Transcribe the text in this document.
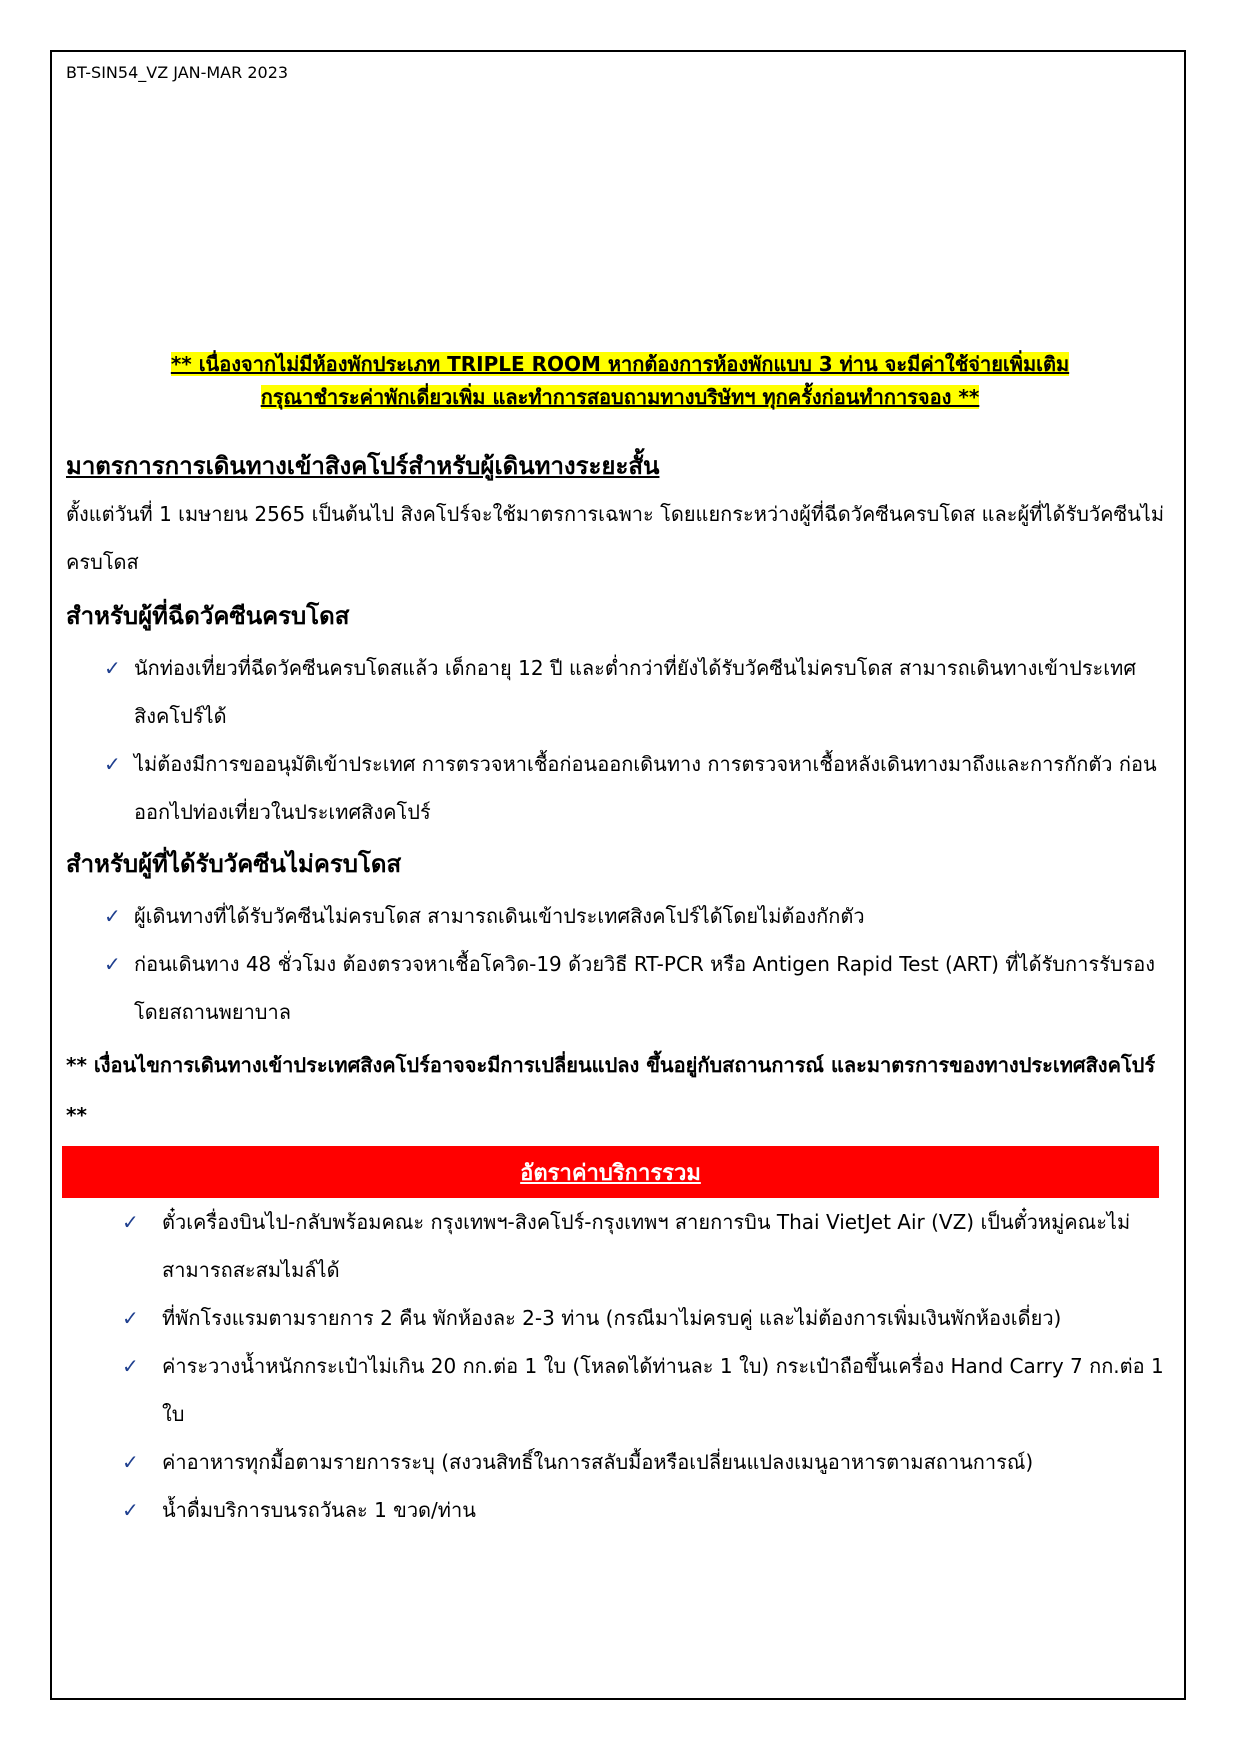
BT-SIN54_VZ JAN-MAR 2023
** เนื่องจากไม่มีห้องพักประเภท TRIPLE ROOM หากต้องการห้องพักแบบ 3 ท่าน จะมีค่าใช้จ่ายเพิ่มเติม
กรุณาชำระค่าพักเดี่ยวเพิ่ม และทำการสอบถามทางบริษัทฯ ทุกครั้งก่อนทำการจอง **
มาตรการการเดินทางเข้าสิงคโปร์สำหรับผู้เดินทางระยะสั้น
ตั้งแต่วันที่ 1 เมษายน 2565 เป็นต้นไป สิงคโปร์จะใช้มาตรการเฉพาะ โดยแยกระหว่างผู้ที่ฉีดวัคซีนครบโดส และผู้ที่ได้รับวัคซีนไม่ครบโดส
สำหรับผู้ที่ฉีดวัคซีนครบโดส
✓ นักท่องเที่ยวที่ฉีดวัคซีนครบโดสแล้ว เด็กอายุ 12 ปี และต่ำกว่าที่ยังได้รับวัคซีนไม่ครบโดส สามารถเดินทางเข้าประเทศสิงคโปร์ได้
✓ ไม่ต้องมีการขออนุมัติเข้าประเทศ การตรวจหาเชื้อก่อนออกเดินทาง การตรวจหาเชื้อหลังเดินทางมาถึงและการกักตัว ก่อนออกไปท่องเที่ยวในประเทศสิงคโปร์
สำหรับผู้ที่ได้รับวัคซีนไม่ครบโดส
✓ ผู้เดินทางที่ได้รับวัคซีนไม่ครบโดส สามารถเดินเข้าประเทศสิงคโปร์ได้โดยไม่ต้องกักตัว
✓ ก่อนเดินทาง 48 ชั่วโมง ต้องตรวจหาเชื้อโควิด-19 ด้วยวิธี RT-PCR หรือ Antigen Rapid Test (ART) ที่ได้รับการรับรองโดยสถานพยาบาล
** เงื่อนไขการเดินทางเข้าประเทศสิงคโปร์อาจจะมีการเปลี่ยนแปลง ขึ้นอยู่กับสถานการณ์ และมาตรการของทางประเทศสิงคโปร์ **
อัตราค่าบริการรวม
✓ ตั๋วเครื่องบินไป-กลับพร้อมคณะ กรุงเทพฯ-สิงคโปร์-กรุงเทพฯ สายการบิน Thai VietJet Air (VZ) เป็นตั๋วหมู่คณะไม่สามารถสะสมไมล์ได้
✓ ที่พักโรงแรมตามรายการ 2 คืน พักห้องละ 2-3 ท่าน (กรณีมาไม่ครบคู่ และไม่ต้องการเพิ่มเงินพักห้องเดี่ยว)
✓ ค่าระวางน้ำหนักกระเป๋าไม่เกิน 20 กก.ต่อ 1 ใบ (โหลดได้ท่านละ 1 ใบ) กระเป๋าถือขึ้นเครื่อง Hand Carry 7 กก.ต่อ 1 ใบ
✓ ค่าอาหารทุกมื้อตามรายการระบุ (สงวนสิทธิ์ในการสลับมื้อหรือเปลี่ยนแปลงเมนูอาหารตามสถานการณ์)
✓ น้ำดื่มบริการบนรถวันละ 1 ขวด/ท่าน
